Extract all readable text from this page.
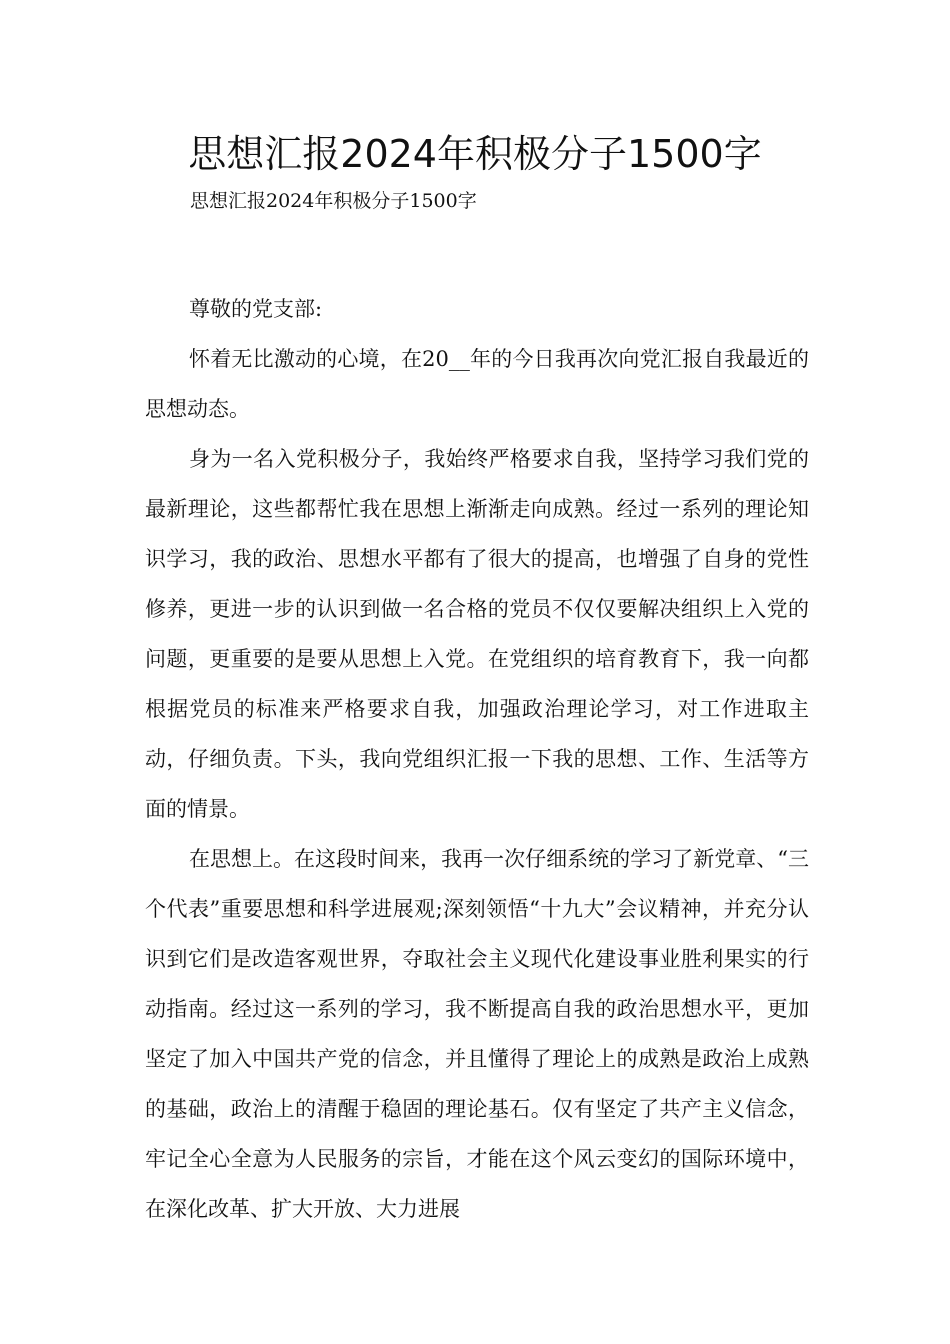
思想汇报2024年积极分子1500字
思想汇报2024年积极分子1500字

尊敬的党支部:

怀着无比激动的心境，在20__年的今日我再次向党汇报自我最近的思想动态。

身为一名入党积极分子，我始终严格要求自我，坚持学习我们党的最新理论，这些都帮忙我在思想上渐渐走向成熟。经过一系列的理论知识学习，我的政治、思想水平都有了很大的提高，也增强了自身的党性修养，更进一步的认识到做一名合格的党员不仅仅要解决组织上入党的问题，更重要的是要从思想上入党。在党组织的培育教育下，我一向都根据党员的标准来严格要求自我，加强政治理论学习，对工作进取主动，仔细负责。下头，我向党组织汇报一下我的思想、工作、生活等方面的情景。

在思想上。在这段时间来，我再一次仔细系统的学习了新党章、“三个代表”重要思想和科学进展观;深刻领悟“十九大”会议精神，并充分认识到它们是改造客观世界，夺取社会主义现代化建设事业胜利果实的行动指南。经过这一系列的学习，我不断提高自我的政治思想水平，更加坚定了加入中国共产党的信念，并且懂得了理论上的成熟是政治上成熟的基础，政治上的清醒于稳固的理论基石。仅有坚定了共产主义信念，牢记全心全意为人民服务的宗旨，才能在这个风云变幻的国际环境中，在深化改革、扩大开放、大力进展
